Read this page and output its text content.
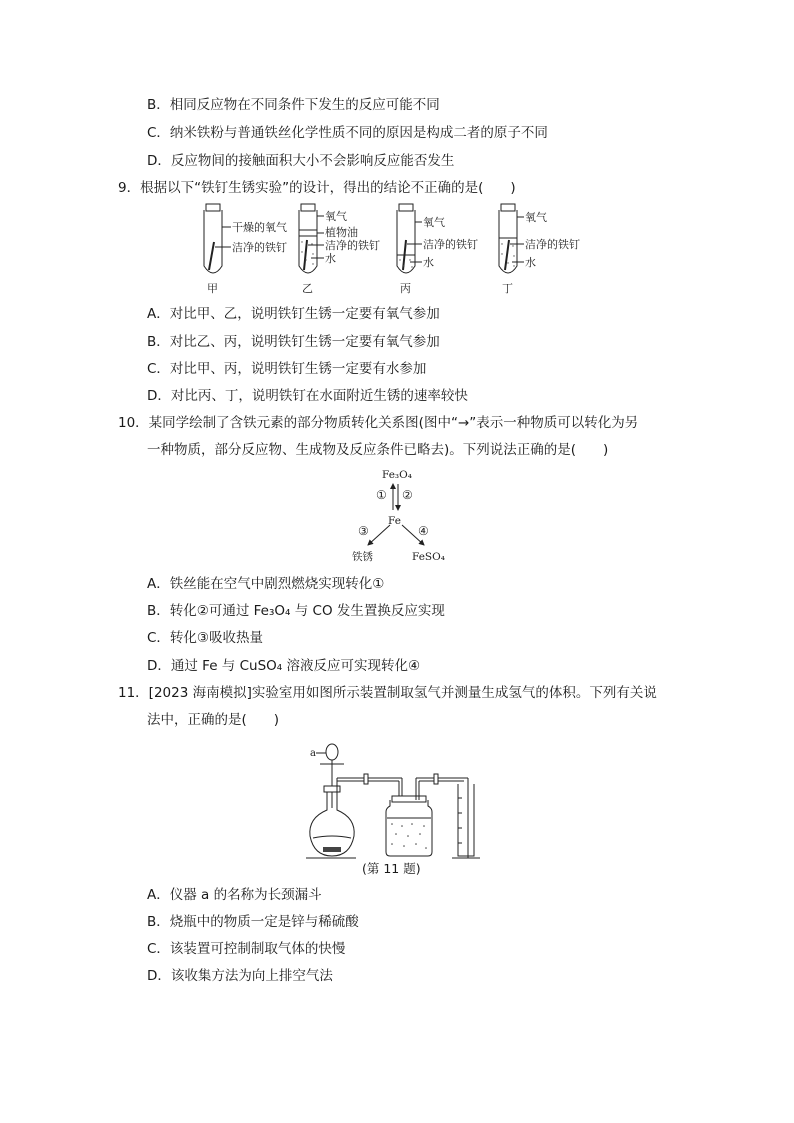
B．相同反应物在不同条件下发生的反应可能不同
C．纳米铁粉与普通铁丝化学性质不同的原因是构成二者的原子不同
D．反应物间的接触面积大小不会影响反应能否发生
9．根据以下“铁钉生锈实验”的设计，得出的结论不正确的是(　　)
干燥的氧气
洁净的铁钉
氧气
植物油
洁净的铁钉
水
氧气
洁净的铁钉
水
氧气
洁净的铁钉
水
甲	乙	丙	丁
A．对比甲、乙，说明铁钉生锈一定要有氧气参加
B．对比乙、丙，说明铁钉生锈一定要有氧气参加
C．对比甲、丙，说明铁钉生锈一定要有水参加
D．对比丙、丁，说明铁钉在水面附近生锈的速率较快
10．某同学绘制了含铁元素的部分物质转化关系图(图中“→”表示一种物质可以转化为另
一种物质，部分反应物、生成物及反应条件已略去)。下列说法正确的是(　　)
Fe₃O₄
Fe
铁锈	FeSO₄
① ②
③	④
A．铁丝能在空气中剧烈燃烧实现转化①
B．转化②可通过 Fe₃O₄ 与 CO 发生置换反应实现
C．转化③吸收热量
D．通过 Fe 与 CuSO₄ 溶液反应可实现转化④
11．[2023 海南模拟]实验室用如图所示装置制取氢气并测量生成氢气的体积。下列有关说
法中，正确的是(　　)
a
(第 11 题)
A．仪器 a 的名称为长颈漏斗
B．烧瓶中的物质一定是锌与稀硫酸
C．该装置可控制制取气体的快慢
D．该收集方法为向上排空气法
